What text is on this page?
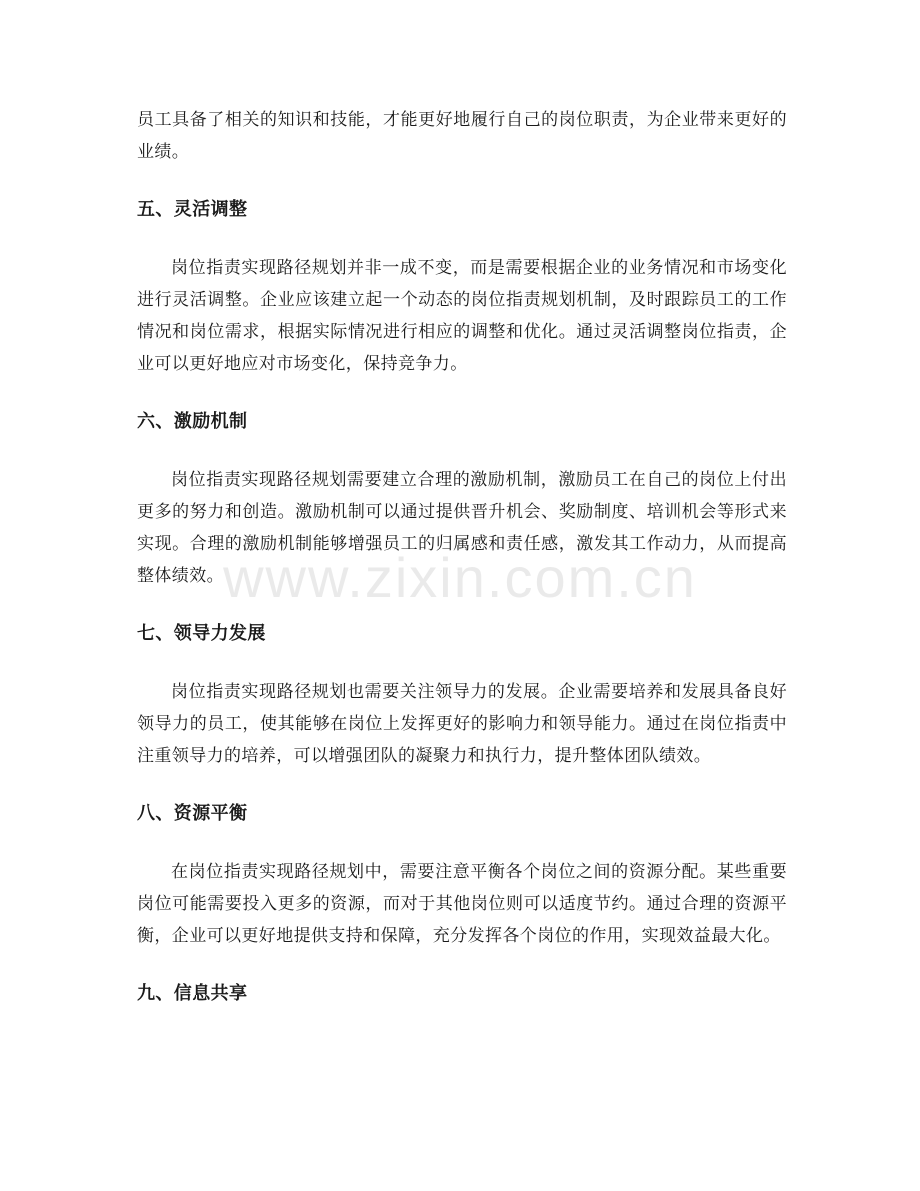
员工具备了相关的知识和技能，才能更好地履行自己的岗位职责，为企业带来更好的业绩。

五、灵活调整

岗位指责实现路径规划并非一成不变，而是需要根据企业的业务情况和市场变化进行灵活调整。企业应该建立起一个动态的岗位指责规划机制，及时跟踪员工的工作情况和岗位需求，根据实际情况进行相应的调整和优化。通过灵活调整岗位指责，企业可以更好地应对市场变化，保持竞争力。

六、激励机制

岗位指责实现路径规划需要建立合理的激励机制，激励员工在自己的岗位上付出更多的努力和创造。激励机制可以通过提供晋升机会、奖励制度、培训机会等形式来实现。合理的激励机制能够增强员工的归属感和责任感，激发其工作动力，从而提高整体绩效。

七、领导力发展

岗位指责实现路径规划也需要关注领导力的发展。企业需要培养和发展具备良好领导力的员工，使其能够在岗位上发挥更好的影响力和领导能力。通过在岗位指责中注重领导力的培养，可以增强团队的凝聚力和执行力，提升整体团队绩效。

八、资源平衡

在岗位指责实现路径规划中，需要注意平衡各个岗位之间的资源分配。某些重要岗位可能需要投入更多的资源，而对于其他岗位则可以适度节约。通过合理的资源平衡，企业可以更好地提供支持和保障，充分发挥各个岗位的作用，实现效益最大化。

九、信息共享
www.zixin.com.cn
